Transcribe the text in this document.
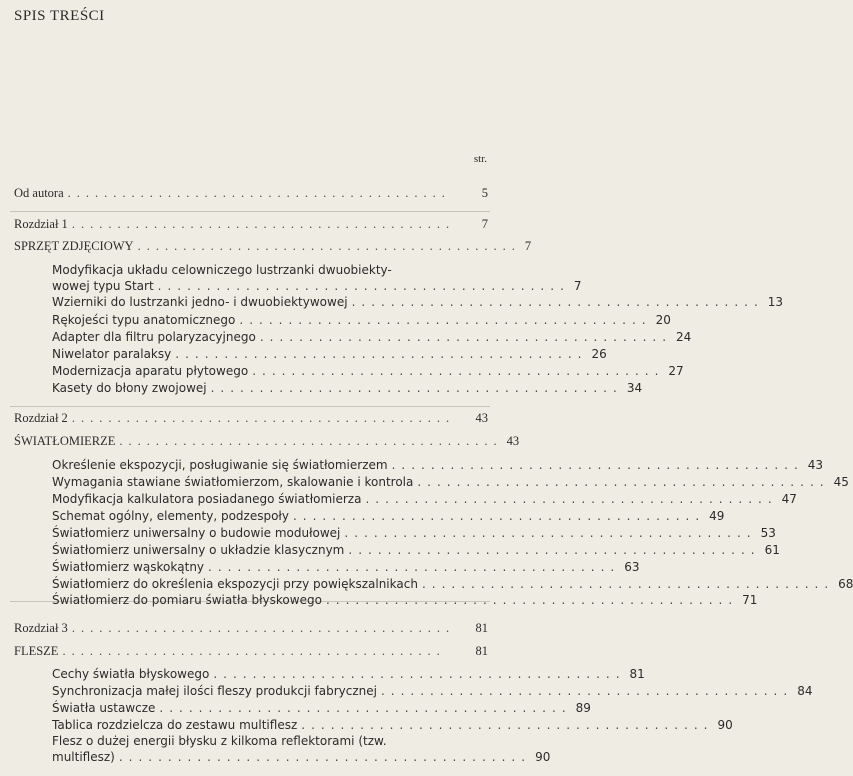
SPIS TREŚCI
str.
Od autora ..........................................	5
Rozdział 1 ..........................................	7
SPRZĘT ZDJĘCIOWY .......................................... 7
Modyfikacja układu celowniczego lustrzanki dwuobiekty-
wowej typu Start .......................................... 7
Wzierniki do lustrzanki jedno- i dwuobiektywowej .......................................... 13
Rękojeści typu anatomicznego .......................................... 20
Adapter dla filtru polaryzacyjnego .......................................... 24
Niwelator paralaksy .......................................... 26
Modernizacja aparatu płytowego .......................................... 27
Kasety do błony zwojowej .......................................... 34
Rozdział 2 ..........................................	43
ŚWIATŁOMIERZE .......................................... 43
Określenie ekspozycji, posługiwanie się światłomierzem .......................................... 43
Wymagania stawiane światłomierzom, skalowanie i kontrola .......................................... 45
Modyfikacja kalkulatora posiadanego światłomierza .......................................... 47
Schemat ogólny, elementy, podzespoły .......................................... 49
Światłomierz uniwersalny o budowie modułowej .......................................... 53
Światłomierz uniwersalny o układzie klasycznym .......................................... 61
Światłomierz wąskokątny .......................................... 63
Światłomierz do określenia ekspozycji przy powiększalnikach .......................................... 68
Światłomierz do pomiaru światła błyskowego .......................................... 71
Rozdział 3 ..........................................	81
FLESZE ..........................................	81
Cechy światła błyskowego .......................................... 81
Synchronizacja małej ilości fleszy produkcji fabrycznej .......................................... 84
Światła ustawcze .......................................... 89
Tablica rozdzielcza do zestawu multiflesz .......................................... 90
Flesz o dużej energii błysku z kilkoma reflektorami (tzw.
multiflesz) .......................................... 90
